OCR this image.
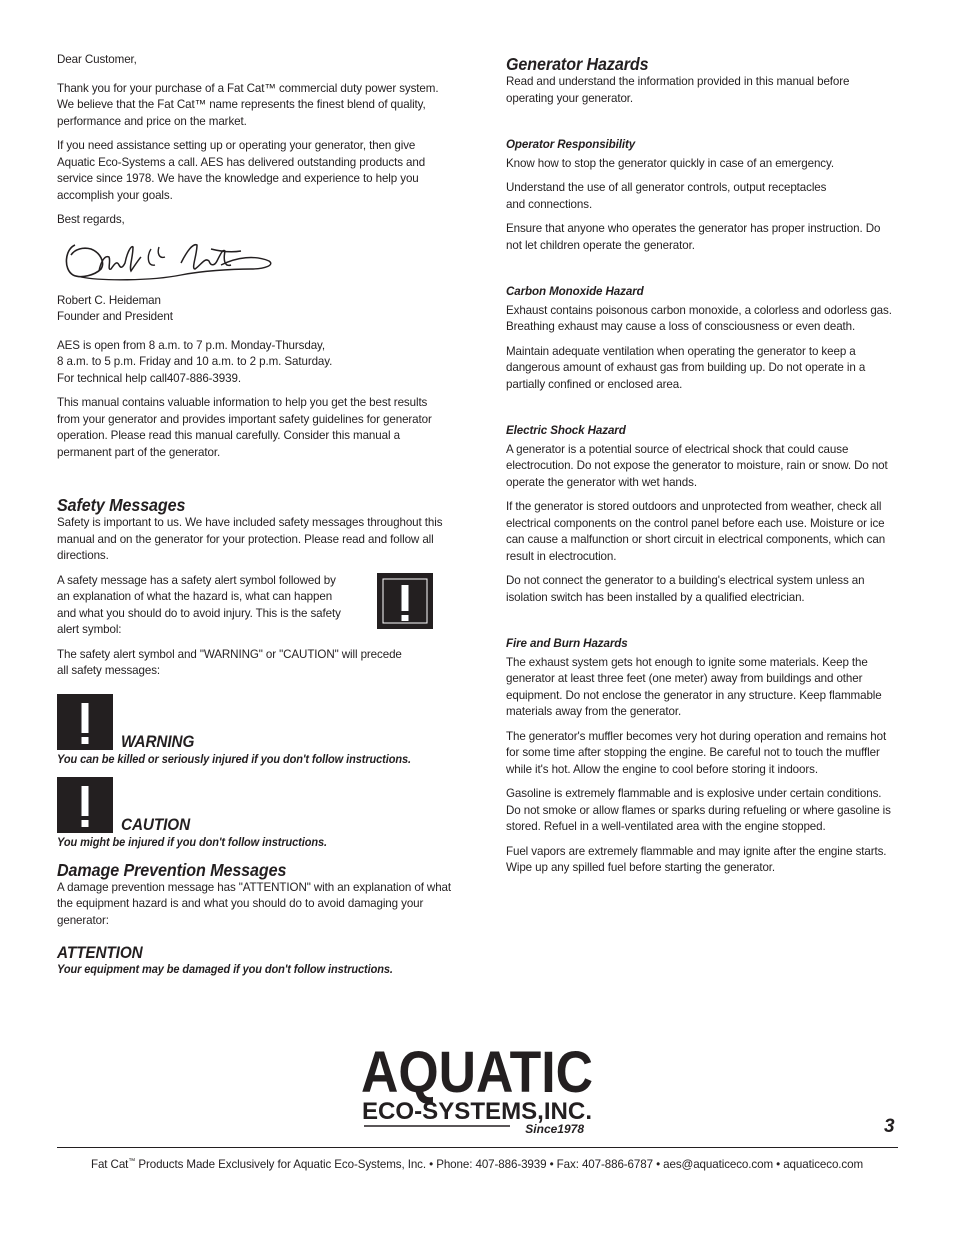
Dear Customer,

Thank you for your purchase of a Fat Cat™ commercial duty power system. We believe that the Fat Cat™ name represents the finest blend of quality, performance and price on the market.

If you need assistance setting up or operating your generator, then give Aquatic Eco-Systems a call. AES has delivered outstanding products and service since 1978. We have the knowledge and experience to help you accomplish your goals.

Best regards,

Robert C. Heideman
Founder and President

AES is open from 8 a.m. to 7 p.m. Monday-Thursday,
8 a.m. to 5 p.m. Friday and 10 a.m. to 2 p.m. Saturday.
For technical help call407-886-3939.

This manual contains valuable information to help you get the best results from your generator and provides important safety guidelines for generator operation. Please read this manual carefully. Consider this manual a permanent part of the generator.

Safety Messages

Safety is important to us. We have included safety messages throughout this manual and on the generator for your protection. Please read and follow all directions.

A safety message has a safety alert symbol followed by an explanation of what the hazard is, what can happen and what you should do to avoid injury. This is the safety alert symbol:

The safety alert symbol and "WARNING" or "CAUTION" will precede all safety messages:

WARNING
You can be killed or seriously injured if you don't follow instructions.
CAUTION
You might be injured if you don't follow instructions.
Damage Prevention Messages

A damage prevention message has "ATTENTION" with an explanation of what the equipment hazard is and what you should do to avoid damaging your generator:

ATTENTION
Your equipment may be damaged if you don't follow instructions.
Generator Hazards

Read and understand the information provided in this manual before operating your generator.

Operator Responsibility

Know how to stop the generator quickly in case of an emergency.

Understand the use of all generator controls, output receptacles and connections.

Ensure that anyone who operates the generator has proper instruction. Do not let children operate the generator.

Carbon Monoxide Hazard

Exhaust contains poisonous carbon monoxide, a colorless and odorless gas. Breathing exhaust may cause a loss of consciousness or even death.

Maintain adequate ventilation when operating the generator to keep a dangerous amount of exhaust gas from building up. Do not operate in a partially confined or enclosed area.

Electric Shock Hazard

A generator is a potential source of electrical shock that could cause electrocution. Do not expose the generator to moisture, rain or snow. Do not operate the generator with wet hands.

If the generator is stored outdoors and unprotected from weather, check all electrical components on the control panel before each use. Moisture or ice can cause a malfunction or short circuit in electrical components, which can result in electrocution.

Do not connect the generator to a building's electrical system unless an isolation switch has been installed by a qualified electrician.

Fire and Burn Hazards

The exhaust system gets hot enough to ignite some materials. Keep the generator at least three feet (one meter) away from buildings and other equipment. Do not enclose the generator in any structure. Keep flammable materials away from the generator.

The generator's muffler becomes very hot during operation and remains hot for some time after stopping the engine. Be careful not to touch the muffler while it's hot. Allow the engine to cool before storing it indoors.

Gasoline is extremely flammable and is explosive under certain conditions. Do not smoke or allow flames or sparks during refueling or where gasoline is stored. Refuel in a well-ventilated area with the engine stopped.

Fuel vapors are extremely flammable and may ignite after the engine starts. Wipe up any spilled fuel before starting the generator.

AQUATIC
ECO-SYSTEMS,INC.
Since1978	3
Fat Cat™ Products Made Exclusively for Aquatic Eco-Systems, Inc. • Phone: 407-886-3939 • Fax: 407-886-6787 • aes@aquaticeco.com • aquaticeco.com
